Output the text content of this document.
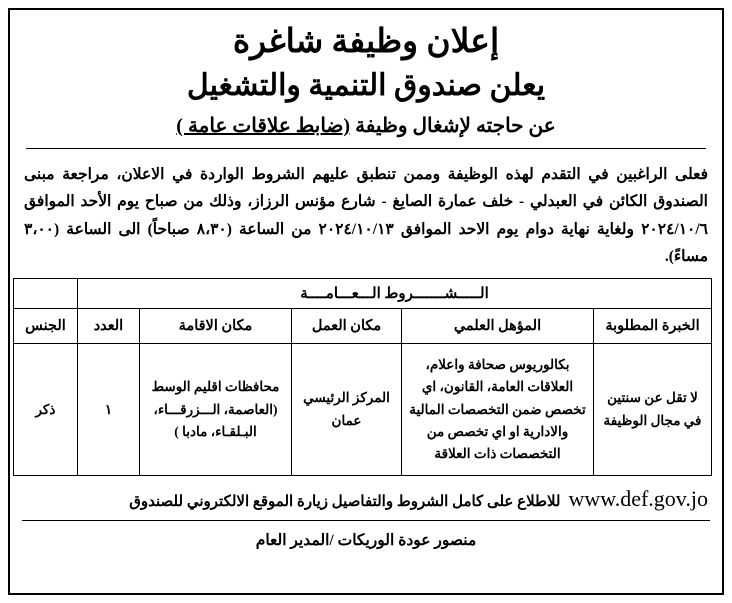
إعلان وظيفة شاغرة
يعلن صندوق التنمية والتشغيل
عن حاجته لإشغال وظيفة (ضابط علاقات عامة )
فعلى الراغبين في التقدم لهذه الوظيفة وممن تنطبق عليهم الشروط الواردة في الاعلان، مراجعة مبنى الصندوق الكائن في العبدلي - خلف عمارة الصايغ - شارع مؤنس الرزاز، وذلك من صباح يوم الأحد الموافق ٢٠٢٤/١٠/٦ ولغاية نهاية دوام يوم الاحد الموافق ٢٠٢٤/١٠/١٣ من الساعة (٨،٣٠ صباحاً) الى الساعة (٣،٠٠ مساءً).
الـــــشـــــــروط الـــعـــامــــة					
الخبرة المطلوبة	المؤهل العلمي	مكان العمل	مكان الاقامة	العدد	الجنس
لا تقل عن سنتين في مجال الوظيفة	بكالوريوس صحافة واعلام، العلاقات العامة، القانون، اي تخصص ضمن التخصصات المالية والادارية او اي تخصص من التخصصات ذات العلاقة	المركز الرئيسي عمان	محافظات اقليم الوسط (العاصمة، الـــزرقـــاء، البـلقـاء، مادبا )	١	ذكر
www.def.gov.jo
للاطلاع على كامل الشروط والتفاصيل زيارة الموقع الالكتروني للصندوق
منصور عودة الوريكات /المدير العام
